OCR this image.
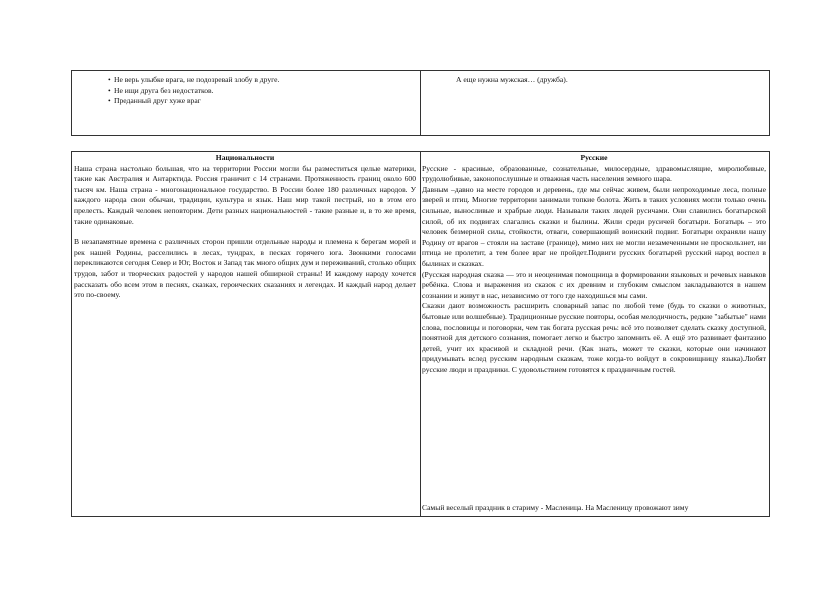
• Не верь улыбке врага, не подозревай злобу в друге.
• Не ищи друга без недостатков.
• Преданный друг хуже враг
А еще нужна мужская… (дружба).
Национальности

Наша страна настолько большая, что на территории России могли бы разместиться целые материки, такие как Австралия и Антарктида. Россия граничит с 14 странами. Протяженность границ около 600 тысяч км. Наша страна - многонациональное государство. В России более 180 различных народов. У каждого народа свои обычаи, традиции, культура и язык. Наш мир такой пестрый, но в этом его прелесть. Каждый человек неповторим. Дети разных национальностей - такие разные и, в то же время, такие одинаковые.

В незапамятные времена с различных сторон пришли отдельные народы и племена к берегам морей и рек нашей Родины, расселились в лесах, тундрах, в песках горячего юга. Звонкими голосами перекликаются сегодня Север и Юг, Восток и Запад так много общих дум и переживаний, столько общих трудов, забот и творческих радостей у народов нашей обширной страны! И каждому народу хочется рассказать обо всем этом в песнях, сказках, героических сказаниях и легендах. И каждый народ делает это по-своему.

Русские

Русские - красивые, образованные, сознательные, милосердные, здравомыслящие, миролюбивые, трудолюбивые, законопослушные и отважная часть населения земного шара.

Давным –давно на месте городов и деревень, где мы сейчас живем, были непроходимые леса, полные зверей и птиц. Многие территории занимали топкие болота. Жить в таких условиях могли только очень сильные, выносливые и храбрые люди. Называли таких людей русичами. Они славились богатырской силой, об их подвигах слагались сказки и былины. Жили среди русичей богатыри. Богатырь – это человек безмерной силы, стойкости, отваги, совершающий воинский подвиг. Богатыри охраняли нашу Родину от врагов – стояли на заставе (границе), мимо них не могли незамеченными не проскользнет, ни птица не пролетит, а тем более враг не пройдет.Подвиги русских богатырей русский народ воспел в былинах и сказках.

(Русская народная сказка — это и неоценимая помощница в формировании языковых и речевых навыков ребёнка. Слова и выражения из сказок с их древним и глубоким смыслом закладываются в нашем сознании и живут в нас, независимо от того где находишься мы сами.

Сказки дают возможность расширить словарный запас по любой теме (будь то сказки о животных, бытовые или волшебные). Традиционные русские повторы, особая мелодичность, редкие "забытые" нами слова, пословицы и поговорки, чем так богата русская речь: всё это позволяет сделать сказку доступной, понятной для детского сознания, помогает легко и быстро запомнить её. А ещё это развивает фантазию детей, учит их красивой и складной речи. (Как знать, может те сказки, которые они начинают придумывать вслед русским народным сказкам, тоже когда-то войдут в сокровищницу языка).Любят русские люди и праздники. С удовольствием готовятся к праздничным гостей.

Самый веселый праздник в стариму - Масленица. На Масленицу провожают зиму
